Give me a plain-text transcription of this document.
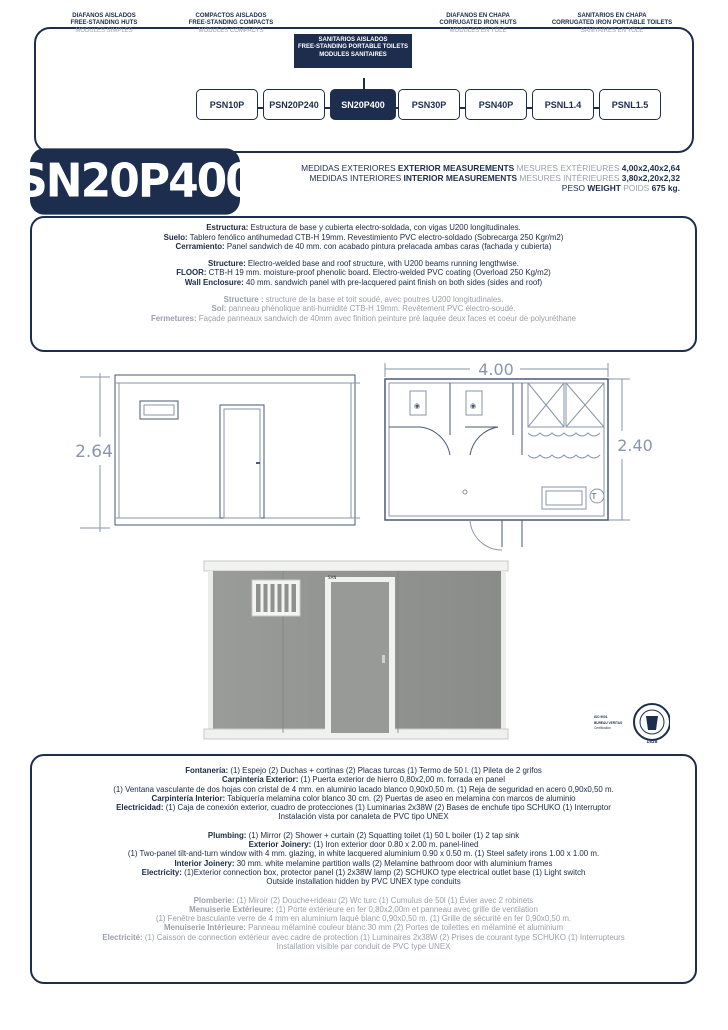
DIAFANOS AISLADOS
FREE-STANDING HUTS
MODULES SIMPLES
COMPACTOS AISLADOS
FREE-STANDING COMPACTS
MODULES COMPACTS
SANITARIOS AISLADOS
FREE-STANDING PORTABLE TOILETS
MODULES SANITAIRES
DIAFANOS EN CHAPA
CORRUGATED IRON HUTS
MODULES EN TÔLE
SANITARIOS EN CHAPA
CORRUGATED IRON PORTABLE TOILETS
SANITAIRES EN TÔLE
PSN10P	PSN20P240	SN20P400	PSN30P	PSN40P	PSNL1.4	PSNL1.5
SN20P400	MEDIDAS EXTERIORES EXTERIOR MEASUREMENTS MESURES EXTÉRIEURES 4,00x2,40x2,64
MEDIDAS INTERIORES INTERIOR MEASUREMENTS MESURES INTÉRIEURES 3,80x2,20x2,32
PESO WEIGHT POIDS 675 kg.
Estructura: Estructura de base y cubierta electro-soldada, con vigas U200 longitudinales.
Suelo: Tablero fenólico antihumedad CTB-H 19mm. Revestimiento PVC electro-soldado (Sobrecarga 250 Kgr/m2)
Cerramiento: Panel sandwich de 40 mm. con acabado pintura prelacada ambas caras (fachada y cubierta)
Structure: Electro-welded base and roof structure, with U200 beams running lengthwise.
FLOOR: CTB-H 19 mm. moisture-proof phenolic board. Electro-welded PVC coating (Overload 250 Kg/m2)
Wall Enclosure: 40 mm. sandwich panel with pre-lacquered paint finish on both sides (sides and roof)
Structure : structure de la base et toit soudé, avec poutres U200 longitudinales.
Sol: panneau phénolique anti-humidité CTB-H 19mm. Revêtement PVC électro-soudé.
Fermetures: Façade panneaux sandwich de 40mm avec finition peinture pré laquée deux faces et coeur de polyuréthane
2.64
◉	◉
T
4.00
2.40
SAN
1828
ISO 9001
BUREAU VERITAS
Certification
Fontanería: (1) Espejo (2) Duchas + cortinas (2) Placas turcas (1) Termo de 50 l. (1) Pileta de 2 grifos
Carpintería Exterior: (1) Puerta exterior de hierro 0,80x2,00 m. forrada en panel
(1) Ventana vasculante de dos hojas con cristal de 4 mm. en aluminio lacado blanco 0,90x0,50 m. (1) Reja de seguridad en acero 0,90x0,50 m.
Carpintería Interior: Tabiquería melamina color blanco 30 cm. (2) Puertas de aseo en melamina con marcos de aluminio
Electricidad: (1) Caja de conexión exterior, cuadro de protecciones (1) Luminarias 2x38W (2) Bases de enchufe tipo SCHUKO (1) Interruptor
Instalación vista por canaleta de PVC tipo UNEX
Plumbing: (1) Mirror (2) Shower + curtain (2) Squatting toilet (1) 50 L boiler (1) 2 tap sink
Exterior Joinery: (1) Iron exterior door 0.80 x 2.00 m. panel-lined
(1) Two-panel tilt-and-turn window with 4 mm. glazing, in white lacquered aluminium 0.90 x 0.50 m. (1) Steel safety irons 1.00 x 1.00 m.
Interior Joinery: 30 mm. white melamine partition walls (2) Melamine bathroom door with aluminium frames
Electricity: (1)Exterior connection box, protector panel (1) 2x38W lamp (2) SCHUKO type electrical outlet base (1) Light switch
Outside installation hidden by PVC UNEX type conduits
Plomberie: (1) Miroir (2) Douche+rideau (2) Wc turc (1) Cumulus de 50l (1) Évier avec 2 robinets
Menuiserie Extérieure: (1) Porte extérieure en fer 0,80x2,00m et panneau avec grille de ventilation
(1) Fenêtre basculante verre de 4 mm en aluminium laqué blanc 0,90x0,50 m. (1) Grille de sécurité en fer 0,90x0,50 m.
Menuiserie Intérieure: Panneau mélaminé couleur blanc 30 mm (2) Portes de toilettes en mélaminé et aluminium
Electricité: (1) Caisson de connection extérieur avec cadre de protection (1) Luminaires 2x38W (2) Prises de courant type SCHUKO (1) Interrupteurs
Installation visible par conduit de PVC type UNEX
